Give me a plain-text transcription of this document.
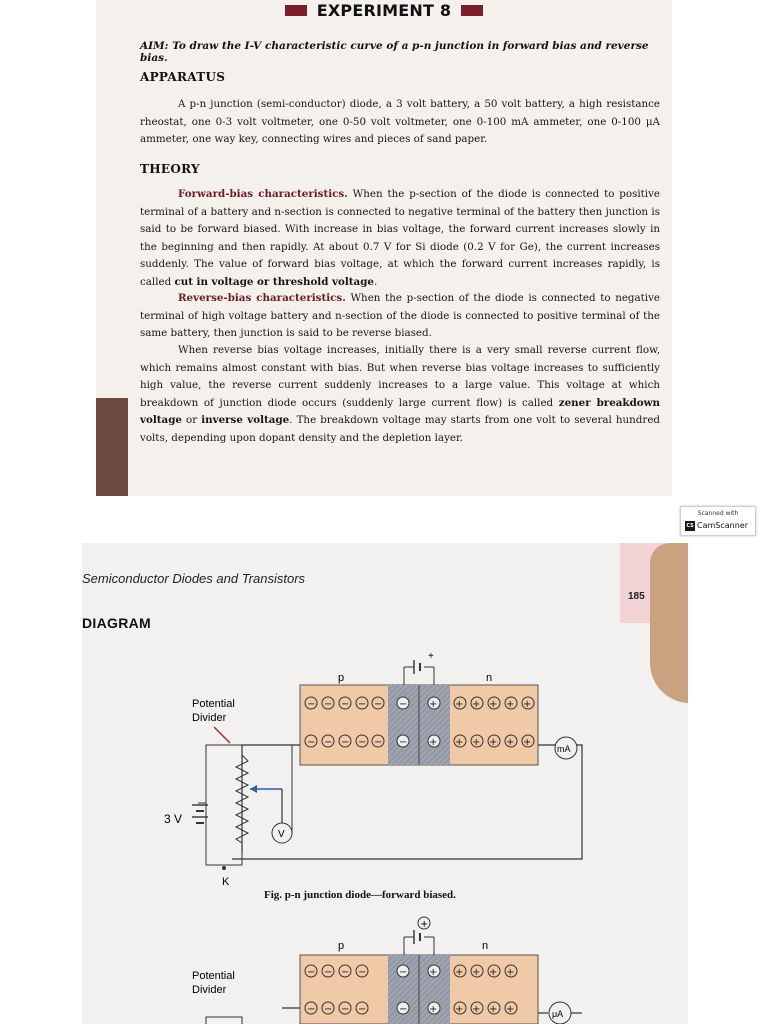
EXPERIMENT 8
AIM: To draw the I-V characteristic curve of a p-n junction in forward bias and reverse bias.
APPARATUS
A p-n junction (semi-conductor) diode, a 3 volt battery, a 50 volt battery, a high resistance rheostat, one 0-3 volt voltmeter, one 0-50 volt voltmeter, one 0-100 mA ammeter, one 0-100 μA ammeter, one way key, connecting wires and pieces of sand paper.
THEORY
Forward-bias characteristics. When the p-section of the diode is connected to positive terminal of a battery and n-section is connected to negative terminal of the battery then junction is said to be forward biased. With increase in bias voltage, the forward current increases slowly in the beginning and then rapidly. At about 0.7 V for Si diode (0.2 V for Ge), the current increases suddenly. The value of forward bias voltage, at which the forward current increases rapidly, is called cut in voltage or threshold voltage.
Reverse-bias characteristics. When the p-section of the diode is connected to negative terminal of high voltage battery and n-section of the diode is connected to positive terminal of the same battery, then junction is said to be reverse biased.
When reverse bias voltage increases, initially there is a very small reverse current flow, which remains almost constant with bias. But when reverse bias voltage increases to sufficiently high value, the reverse current suddenly increases to a large value. This voltage at which breakdown of junction diode occurs (suddenly large current flow) is called zener breakdown voltage or inverse voltage. The breakdown voltage may starts from one volt to several hundred volts, depending upon dopant density and the depletion layer.
Scanned with
CS CamScanner
Semiconductor Diodes and Transistors
185
DIAGRAM
+
p	n
− − − − −
− − − − −
− +
− +
+ + + + +
+ + + + +
mA
V
3 V
K
Potential
Divider
+
p	n
− − − −	− + + + + +
− − − −	− + + + + +	μA
Potential
Divider
Fig. p-n junction diode—forward biased.
